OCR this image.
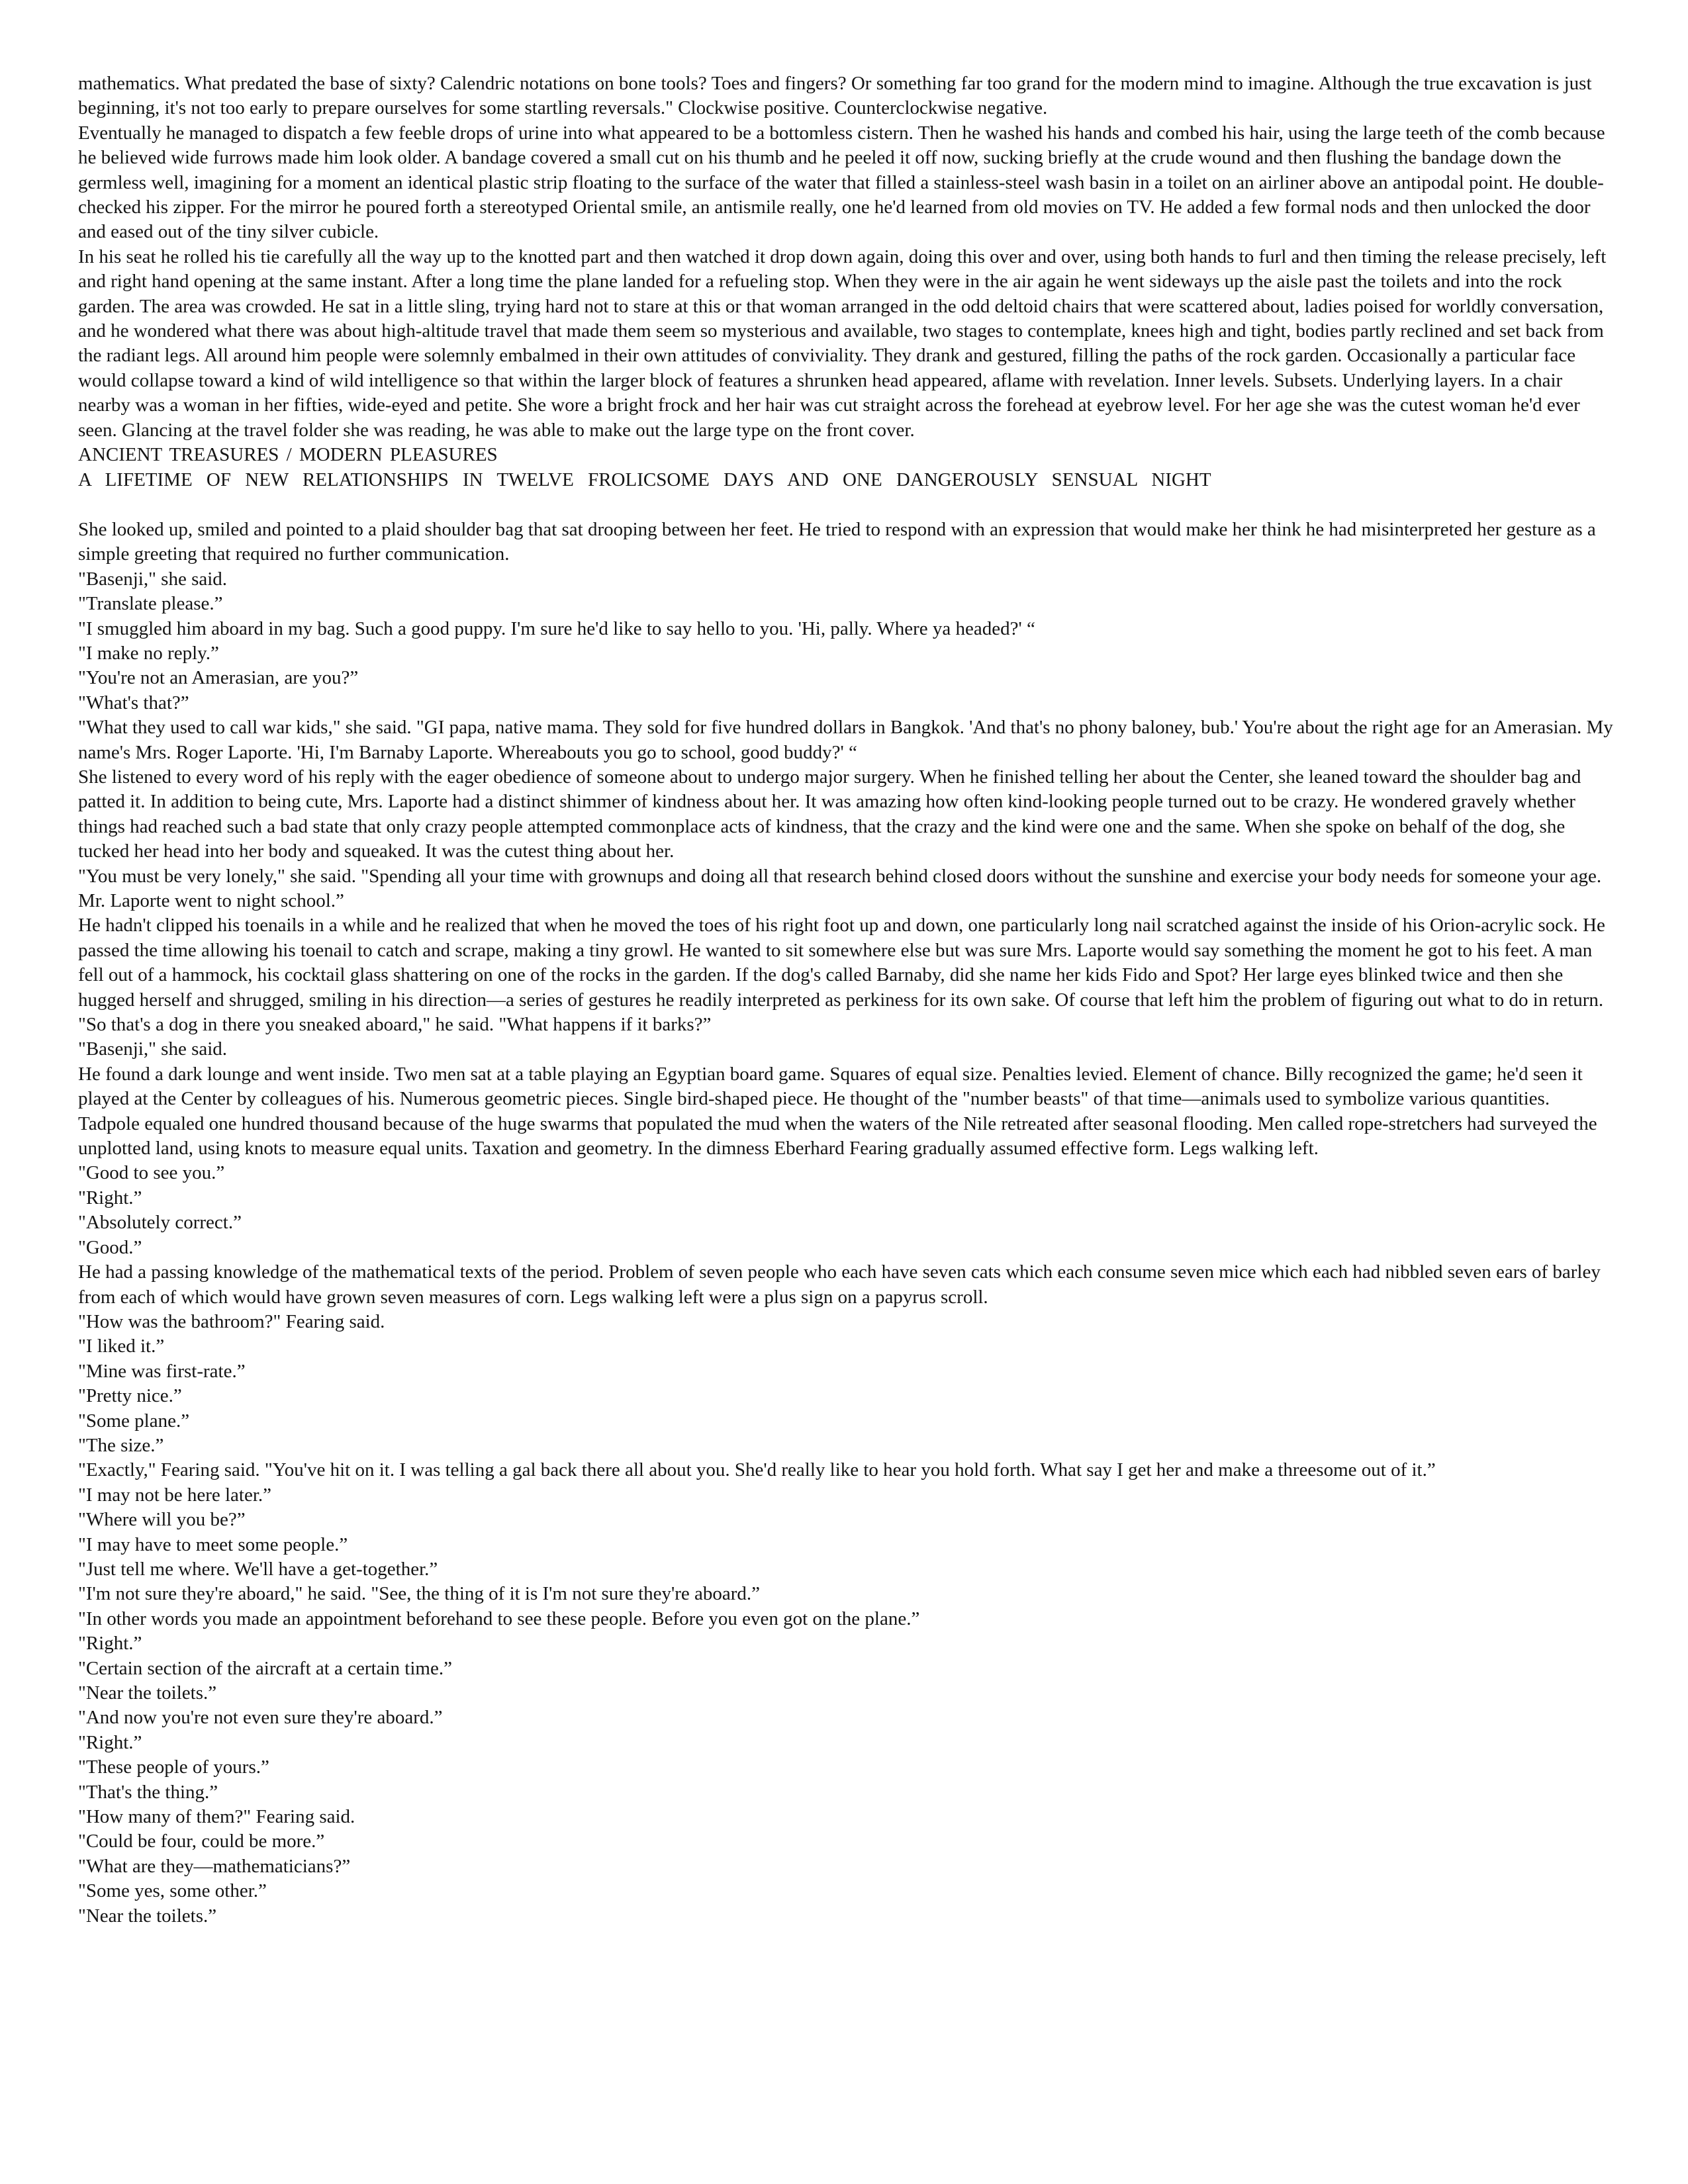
mathematics. What predated the base of sixty? Calendric notations on bone tools? Toes and fingers? Or something far too grand for the modern mind to imagine. Although the true excavation is just beginning, it's not too early to prepare ourselves for some startling reversals." Clockwise positive. Counterclockwise negative.

Eventually he managed to dispatch a few feeble drops of urine into what appeared to be a bottomless cistern. Then he washed his hands and combed his hair, using the large teeth of the comb because he believed wide furrows made him look older. A bandage covered a small cut on his thumb and he peeled it off now, sucking briefly at the crude wound and then flushing the bandage down the germless well, imagining for a moment an identical plastic strip floating to the surface of the water that filled a stainless-steel wash basin in a toilet on an airliner above an antipodal point. He double-checked his zipper. For the mirror he poured forth a stereotyped Oriental smile, an antismile really, one he'd learned from old movies on TV. He added a few formal nods and then unlocked the door and eased out of the tiny silver cubicle.

In his seat he rolled his tie carefully all the way up to the knotted part and then watched it drop down again, doing this over and over, using both hands to furl and then timing the release precisely, left and right hand opening at the same instant. After a long time the plane landed for a refueling stop. When they were in the air again he went sideways up the aisle past the toilets and into the rock garden. The area was crowded. He sat in a little sling, trying hard not to stare at this or that woman arranged in the odd deltoid chairs that were scattered about, ladies poised for worldly conversation, and he wondered what there was about high-altitude travel that made them seem so mysterious and available, two stages to contemplate, knees high and tight, bodies partly reclined and set back from the radiant legs. All around him people were solemnly embalmed in their own attitudes of conviviality. They drank and gestured, filling the paths of the rock garden. Occasionally a particular face would collapse toward a kind of wild intelligence so that within the larger block of features a shrunken head appeared, aflame with revelation. Inner levels. Subsets. Underlying layers. In a chair nearby was a woman in her fifties, wide-eyed and petite. She wore a bright frock and her hair was cut straight across the forehead at eyebrow level. For her age she was the cutest woman he'd ever seen. Glancing at the travel folder she was reading, he was able to make out the large type on the front cover.

ANCIENT TREASURES / MODERN PLEASURES

A LIFETIME OF NEW RELATIONSHIPS IN TWELVE FROLICSOME DAYS AND ONE DANGEROUSLY SENSUAL NIGHT

She looked up, smiled and pointed to a plaid shoulder bag that sat drooping between her feet. He tried to respond with an expression that would make her think he had misinterpreted her gesture as a simple greeting that required no further communication.

"Basenji," she said.

"Translate please.”

"I smuggled him aboard in my bag. Such a good puppy. I'm sure he'd like to say hello to you. 'Hi, pally. Where ya headed?' “

"I make no reply.”

"You're not an Amerasian, are you?”

"What's that?”

"What they used to call war kids," she said. "GI papa, native mama. They sold for five hundred dollars in Bangkok. 'And that's no phony baloney, bub.' You're about the right age for an Amerasian. My name's Mrs. Roger Laporte. 'Hi, I'm Barnaby Laporte. Whereabouts you go to school, good buddy?' “

She listened to every word of his reply with the eager obedience of someone about to undergo major surgery. When he finished telling her about the Center, she leaned toward the shoulder bag and patted it. In addition to being cute, Mrs. Laporte had a distinct shimmer of kindness about her. It was amazing how often kind-looking people turned out to be crazy. He wondered gravely whether things had reached such a bad state that only crazy people attempted commonplace acts of kindness, that the crazy and the kind were one and the same. When she spoke on behalf of the dog, she tucked her head into her body and squeaked. It was the cutest thing about her.

"You must be very lonely," she said. "Spending all your time with grownups and doing all that research behind closed doors without the sunshine and exercise your body needs for someone your age. Mr. Laporte went to night school.”

He hadn't clipped his toenails in a while and he realized that when he moved the toes of his right foot up and down, one particularly long nail scratched against the inside of his Orion-acrylic sock. He passed the time allowing his toenail to catch and scrape, making a tiny growl. He wanted to sit somewhere else but was sure Mrs. Laporte would say something the moment he got to his feet. A man fell out of a hammock, his cocktail glass shattering on one of the rocks in the garden. If the dog's called Barnaby, did she name her kids Fido and Spot? Her large eyes blinked twice and then she hugged herself and shrugged, smiling in his direction—a series of gestures he readily interpreted as perkiness for its own sake. Of course that left him the problem of figuring out what to do in return.

"So that's a dog in there you sneaked aboard," he said. "What happens if it barks?”

"Basenji," she said.

He found a dark lounge and went inside. Two men sat at a table playing an Egyptian board game. Squares of equal size. Penalties levied. Element of chance. Billy recognized the game; he'd seen it played at the Center by colleagues of his. Numerous geometric pieces. Single bird-shaped piece. He thought of the "number beasts" of that time—animals used to symbolize various quantities. Tadpole equaled one hundred thousand because of the huge swarms that populated the mud when the waters of the Nile retreated after seasonal flooding. Men called rope-stretchers had surveyed the unplotted land, using knots to measure equal units. Taxation and geometry. In the dimness Eberhard Fearing gradually assumed effective form. Legs walking left.

"Good to see you.”

"Right.”

"Absolutely correct.”

"Good.”

He had a passing knowledge of the mathematical texts of the period. Problem of seven people who each have seven cats which each consume seven mice which each had nibbled seven ears of barley from each of which would have grown seven measures of corn. Legs walking left were a plus sign on a papyrus scroll.

"How was the bathroom?" Fearing said.

"I liked it.”

"Mine was first-rate.”

"Pretty nice.”

"Some plane.”

"The size.”

"Exactly," Fearing said. "You've hit on it. I was telling a gal back there all about you. She'd really like to hear you hold forth. What say I get her and make a threesome out of it.”

"I may not be here later.”

"Where will you be?”

"I may have to meet some people.”

"Just tell me where. We'll have a get-together.”

"I'm not sure they're aboard," he said. "See, the thing of it is I'm not sure they're aboard.”

"In other words you made an appointment beforehand to see these people. Before you even got on the plane.”

"Right.”

"Certain section of the aircraft at a certain time.”

"Near the toilets.”

"And now you're not even sure they're aboard.”

"Right.”

"These people of yours.”

"That's the thing.”

"How many of them?" Fearing said.

"Could be four, could be more.”

"What are they—mathematicians?”

"Some yes, some other.”

"Near the toilets.”
